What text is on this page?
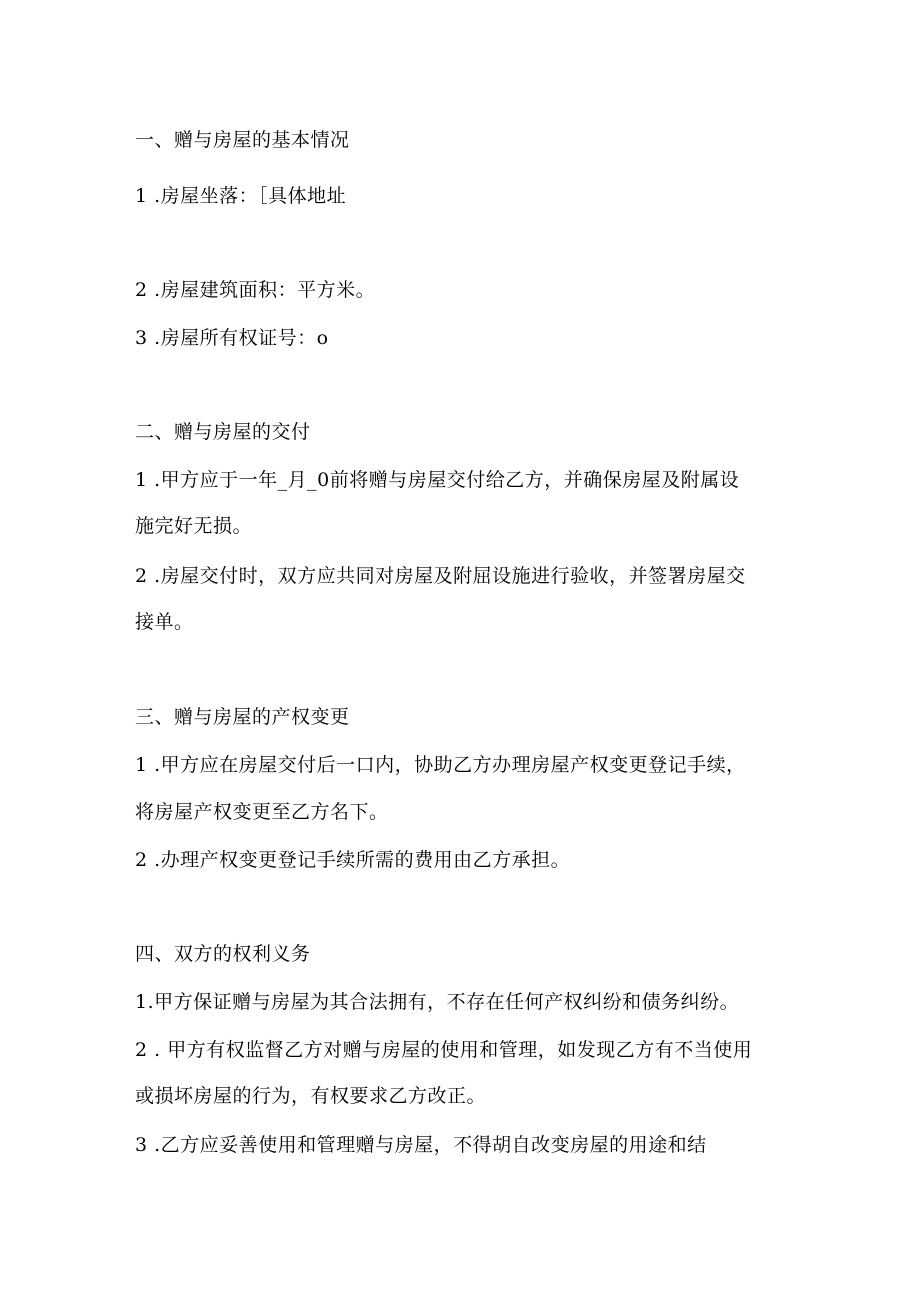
一、赠与房屋的基本情况
1 .房屋坐落：［具体地址
2 .房屋建筑面积：平方米。
3 .房屋所有权证号：o
二、赠与房屋的交付
1 .甲方应于一年_月_0前将赠与房屋交付给乙方，并确保房屋及附属设
施完好无损。
2 .房屋交付时，双方应共同对房屋及附屈设施进行验收，并签署房屋交
接单。
三、赠与房屋的产权变更
1 .甲方应在房屋交付后一口内，协助乙方办理房屋产权变更登记手续，
将房屋产权变更至乙方名下。
2 .办理产权变更登记手续所需的费用由乙方承担。
四、双方的权利义务
1.甲方保证赠与房屋为其合法拥有，不存在任何产权纠纷和债务纠纷。
2 . 甲方有权监督乙方对赠与房屋的使用和管理，如发现乙方有不当使用
或损坏房屋的行为，有权要求乙方改正。
3 .乙方应妥善使用和管理赠与房屋，不得胡自改变房屋的用途和结
